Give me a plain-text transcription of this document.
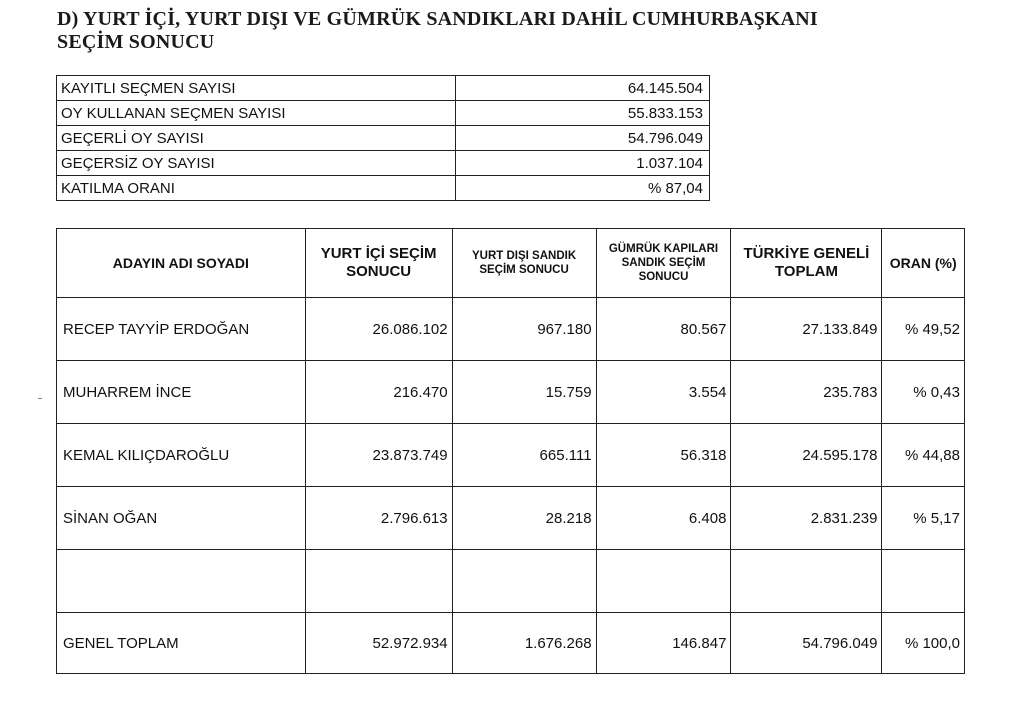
D) YURT İÇİ, YURT DIŞI VE GÜMRÜK SANDIKLARI DAHİL CUMHURBAŞKANI SEÇİM SONUCU
KAYITLI SEÇMEN SAYISI	64.145.504
OY KULLANAN SEÇMEN SAYISI	55.833.153
GEÇERLİ OY SAYISI	54.796.049
GEÇERSİZ OY SAYISI	1.037.104
KATILMA ORANI	% 87,04
ADAYIN ADI SOYADI	YURT İÇİ SEÇİM SONUCU	YURT DIŞI SANDIK SEÇİM SONUCU	GÜMRÜK KAPILARI SANDIK SEÇİM SONUCU	TÜRKİYE GENELİ TOPLAM	ORAN (%)
RECEP TAYYİP ERDOĞAN	26.086.102	967.180	80.567	27.133.849	% 49,52
MUHARREM İNCE	216.470	15.759	3.554	235.783	% 0,43
KEMAL KILIÇDAROĞLU	23.873.749	665.111	56.318	24.595.178	% 44,88
SİNAN OĞAN	2.796.613	28.218	6.408	2.831.239	% 5,17

GENEL TOPLAM	52.972.934	1.676.268	146.847	54.796.049	% 100,0
